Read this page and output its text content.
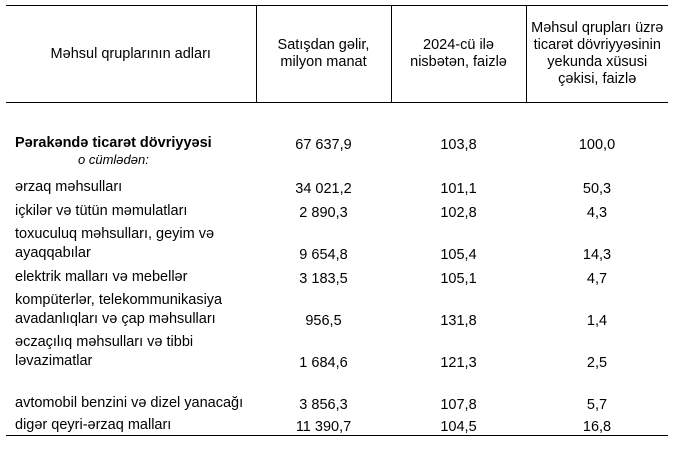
Məhsul qruplarının adları	Satışdan gəlir, milyon manat	2024-cü ilə nisbətən, faizlə	Məhsul qrupları üzrə ticarət dövriyyəsinin yekunda xüsusi çəkisi, faizlə
Pərakəndə ticarət dövriyyəsi	67 637,9	103,8	100,0
o cümlədən:			
ərzaq məhsulları	34 021,2	101,1	50,3
içkilər və tütün məmulatları	2 890,3	102,8	4,3
toxuculuq məhsulları, geyim və ayaqqabılar	9 654,8	105,4	14,3
elektrik malları və mebellər	3 183,5	105,1	4,7
kompüterlər, telekommunikasiya avadanlıqları və çap məhsulları	956,5	131,8	1,4
əczaçılıq məhsulları və tibbi ləvazimatlar	1 684,6	121,3	2,5
avtomobil benzini və dizel yanacağı	3 856,3	107,8	5,7
digər qeyri-ərzaq malları	11 390,7	104,5	16,8
